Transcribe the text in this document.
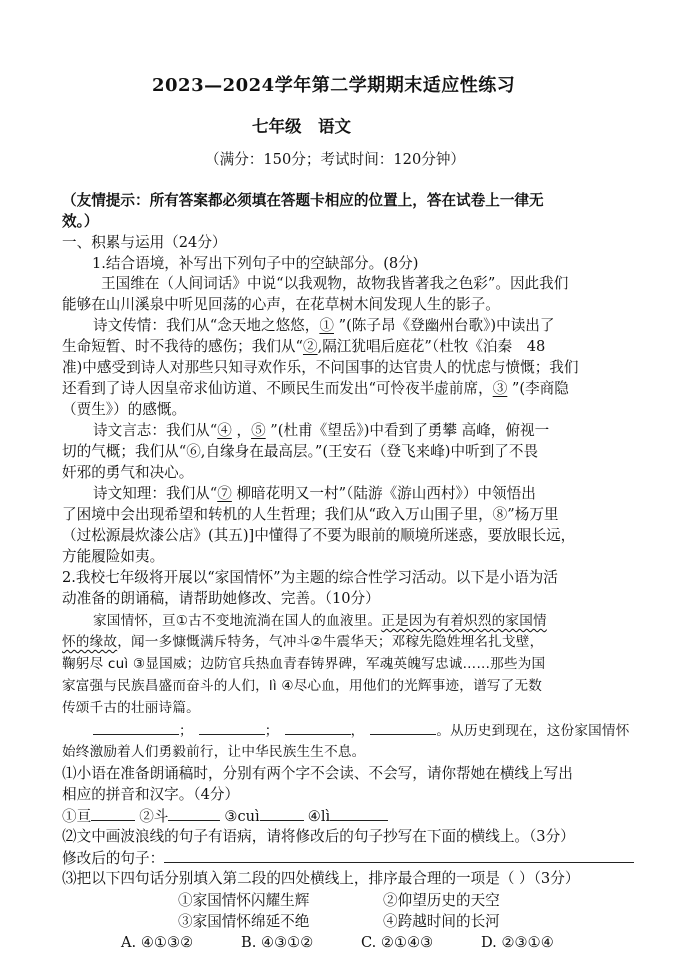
2023—2024学年第二学期期末适应性练习
七年级　语文
（满分：150分；考试时间：120分钟）
（友情提示：所有答案都必须填在答题卡相应的位置上，答在试卷上一律无
效。）
一、积累与运用（24分）
1.结合语境，补写出下列句子中的空缺部分。(8分)
王国维在（人间词话》中说“以我观物，故物我皆著我之色彩”。因此我们
能够在山川溪泉中听见回荡的心声，在花草树木间发现人生的影子。
诗文传情：我们从“念天地之悠悠，① ”(陈子昂《登幽州台歌》)中读出了
生命短暂、时不我待的感伤；我们从“②,隔江犹唱后庭花”（杜牧《泊秦　48
准)中感受到诗人对那些只知寻欢作乐，不问国事的达官贵人的忧虑与愤慨；我们
还看到了诗人因皇帝求仙访道、不顾民生而发出“可怜夜半虚前席，③ ”(李商隐
（贾生》）的感慨。
诗文言志：我们从“④ ，⑤ ”(杜甫《望岳》)中看到了勇攀 高峰，俯视一
切的气概；我们从“⑥,自缘身在最高层。”(王安石（登飞来峰)中听到了不畏
奸邪的勇气和决心。
诗文知理：我们从“⑦ 柳暗花明又一村”（陆游《游山西村》）中领悟出
了困境中会出现希望和转机的人生哲理；我们从“政入万山围子里，⑧”杨万里
（过松源晨炊漆公店》(其五)]中懂得了不要为眼前的顺境所迷惑，要放眼长远，
方能履险如夷。
2.我校七年级将开展以“家国情怀”为主题的综合性学习活动。以下是小语为活
动准备的朗诵稿，请帮助她修改、完善。（10分）
家国情怀，亘①古不变地流淌在国人的血液里。正是因为有着炽烈的家国情
怀的缘故，闻一多慷慨满斥特务，气冲斗②牛震华天；邓稼先隐姓埋名扎戈壁，
鞠躬尽 cuì ③显国威；边防官兵热血青春铸界碑，军魂英魄写忠诚……那些为国
家富强与民族昌盛而奋斗的人们，lì ④尽心血，用他们的光辉事迹，谱写了无数
传颂千古的壮丽诗篇。
；	；	，	。从历史到现在，这份家国情怀
始终激励着人们勇毅前行，让中华民族生生不息。
⑴小语在准备朗诵稿时，分别有两个字不会读、不会写，请你帮她在横线上写出
相应的拼音和汉字。（4分）
①亘	②斗	③cuì	④lì
⑵文中画波浪线的句子有语病，请将修改后的句子抄写在下面的横线上。（3分）
修改后的句子：
⑶把以下四句话分别填入第二段的四处横线上，排序最合理的一项是（ ）（3分）
①家国情怀闪耀生辉	②仰望历史的天空
③家国情怀绵延不绝	④跨越时间的长河
A. ④①③②	B. ④③①②	C. ②①④③	D. ②③①④
